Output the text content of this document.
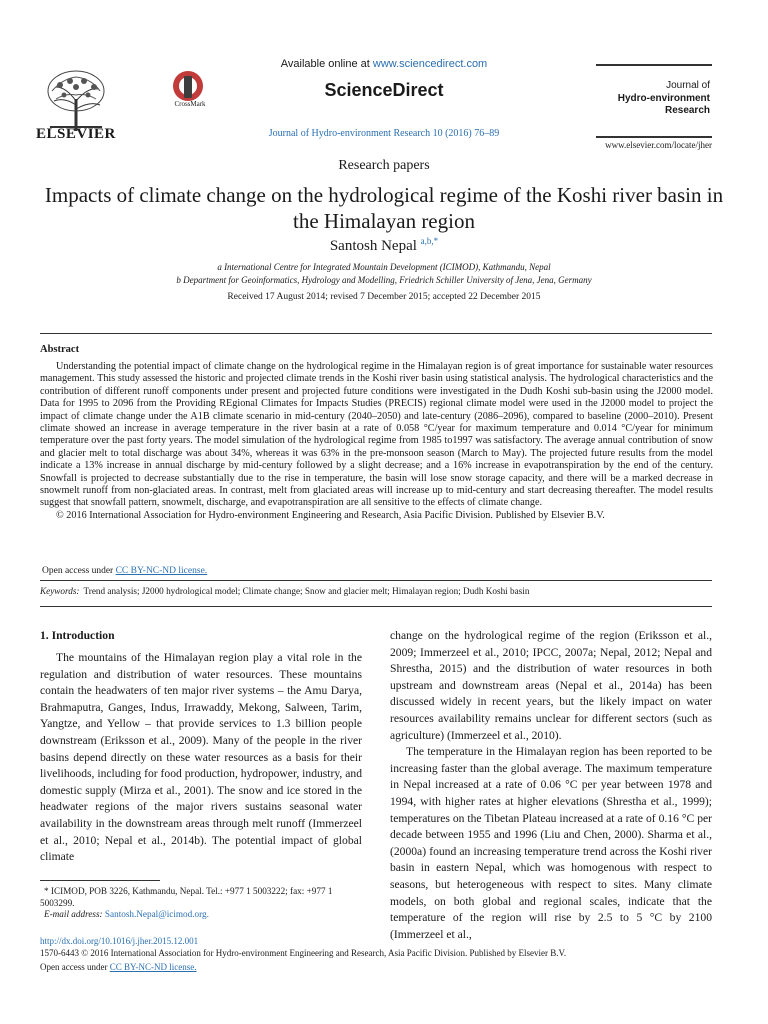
ELSEVIER
CrossMark
Available online at www.sciencedirect.com
ScienceDirect
Journal of Hydro-environment Research 10 (2016) 76–89
Journal of
Hydro-environment
Research
www.elsevier.com/locate/jher
Research papers
Impacts of climate change on the hydrological regime of the Koshi river basin in the Himalayan region
Santosh Nepal $^{a,b,*}$
a International Centre for Integrated Mountain Development (ICIMOD), Kathmandu, Nepal
b Department for Geoinformatics, Hydrology and Modelling, Friedrich Schiller University of Jena, Jena, Germany
Received 17 August 2014; revised 7 December 2015; accepted 22 December 2015
Abstract

Understanding the potential impact of climate change on the hydrological regime in the Himalayan region is of great importance for sustainable water resources management. This study assessed the historic and projected climate trends in the Koshi river basin using statistical analysis. The hydrological characteristics and the contribution of different runoff components under present and projected future conditions were investigated in the Dudh Koshi sub-basin using the J2000 model. Data for 1995 to 2096 from the Providing REgional Climates for Impacts Studies (PRECIS) regional climate model were used in the J2000 model to project the impact of climate change under the A1B climate scenario in mid-century (2040–2050) and late-century (2086–2096), compared to baseline (2000–2010). Present climate showed an increase in average temperature in the river basin at a rate of 0.058 °C/year for maximum temperature and 0.014 °C/year for minimum temperature over the past forty years. The model simulation of the hydrological regime from 1985 to1997 was satisfactory. The average annual contribution of snow and glacier melt to total discharge was about 34%, whereas it was 63% in the pre-monsoon season (March to May). The projected future results from the model indicate a 13% increase in annual discharge by mid-century followed by a slight decrease; and a 16% increase in evapotranspiration by the end of the century. Snowfall is projected to decrease substantially due to the rise in temperature, the basin will lose snow storage capacity, and there will be a marked decrease in snowmelt runoff from non-glaciated areas. In contrast, melt from glaciated areas will increase up to mid-century and start decreasing thereafter. The model results suggest that snowfall pattern, snowmelt, discharge, and evapotranspiration are all sensitive to the effects of climate change.

© 2016 International Association for Hydro-environment Engineering and Research, Asia Pacific Division. Published by Elsevier B.V.

Open access under CC BY-NC-ND license.
Keywords: Trend analysis; J2000 hydrological model; Climate change; Snow and glacier melt; Himalayan region; Dudh Koshi basin

1. Introduction

The mountains of the Himalayan region play a vital role in the regulation and distribution of water resources. These mountains contain the headwaters of ten major river systems – the Amu Darya, Brahmaputra, Ganges, Indus, Irrawaddy, Mekong, Salween, Tarim, Yangtze, and Yellow – that provide services to 1.3 billion people downstream (Eriksson et al., 2009). Many of the people in the river basins depend directly on these water resources as a basis for their livelihoods, including for food production, hydropower, industry, and domestic supply (Mirza et al., 2001). The snow and ice stored in the headwater regions of the major rivers sustains seasonal water availability in the downstream areas through melt runoff (Immerzeel et al., 2010; Nepal et al., 2014b). The potential impact of global climate

change on the hydrological regime of the region (Eriksson et al., 2009; Immerzeel et al., 2010; IPCC, 2007a; Nepal, 2012; Nepal and Shrestha, 2015) and the distribution of water resources in both upstream and downstream areas (Nepal et al., 2014a) has been discussed widely in recent years, but the likely impact on water resources availability remains unclear for different sectors (such as agriculture) (Immerzeel et al., 2010).

The temperature in the Himalayan region has been reported to be increasing faster than the global average. The maximum temperature in Nepal increased at a rate of 0.06 °C per year between 1978 and 1994, with higher rates at higher elevations (Shrestha et al., 1999); temperatures on the Tibetan Plateau increased at a rate of 0.16 °C per decade between 1955 and 1996 (Liu and Chen, 2000). Sharma et al., (2000a) found an increasing temperature trend across the Koshi river basin in eastern Nepal, which was homogenous with respect to seasons, but heterogeneous with respect to sites. Many climate models, on both global and regional scales, indicate that the temperature of the region will rise by 2.5 to 5 °C by 2100 (Immerzeel et al.,

* ICIMOD, POB 3226, Kathmandu, Nepal. Tel.: +977 1 5003222; fax: +977 1 5003299.

E-mail address: Santosh.Nepal@icimod.org.

http://dx.doi.org/10.1016/j.jher.2015.12.001
1570-6443 © 2016 International Association for Hydro-environment Engineering and Research, Asia Pacific Division. Published by Elsevier B.V.
Open access under CC BY-NC-ND license.
